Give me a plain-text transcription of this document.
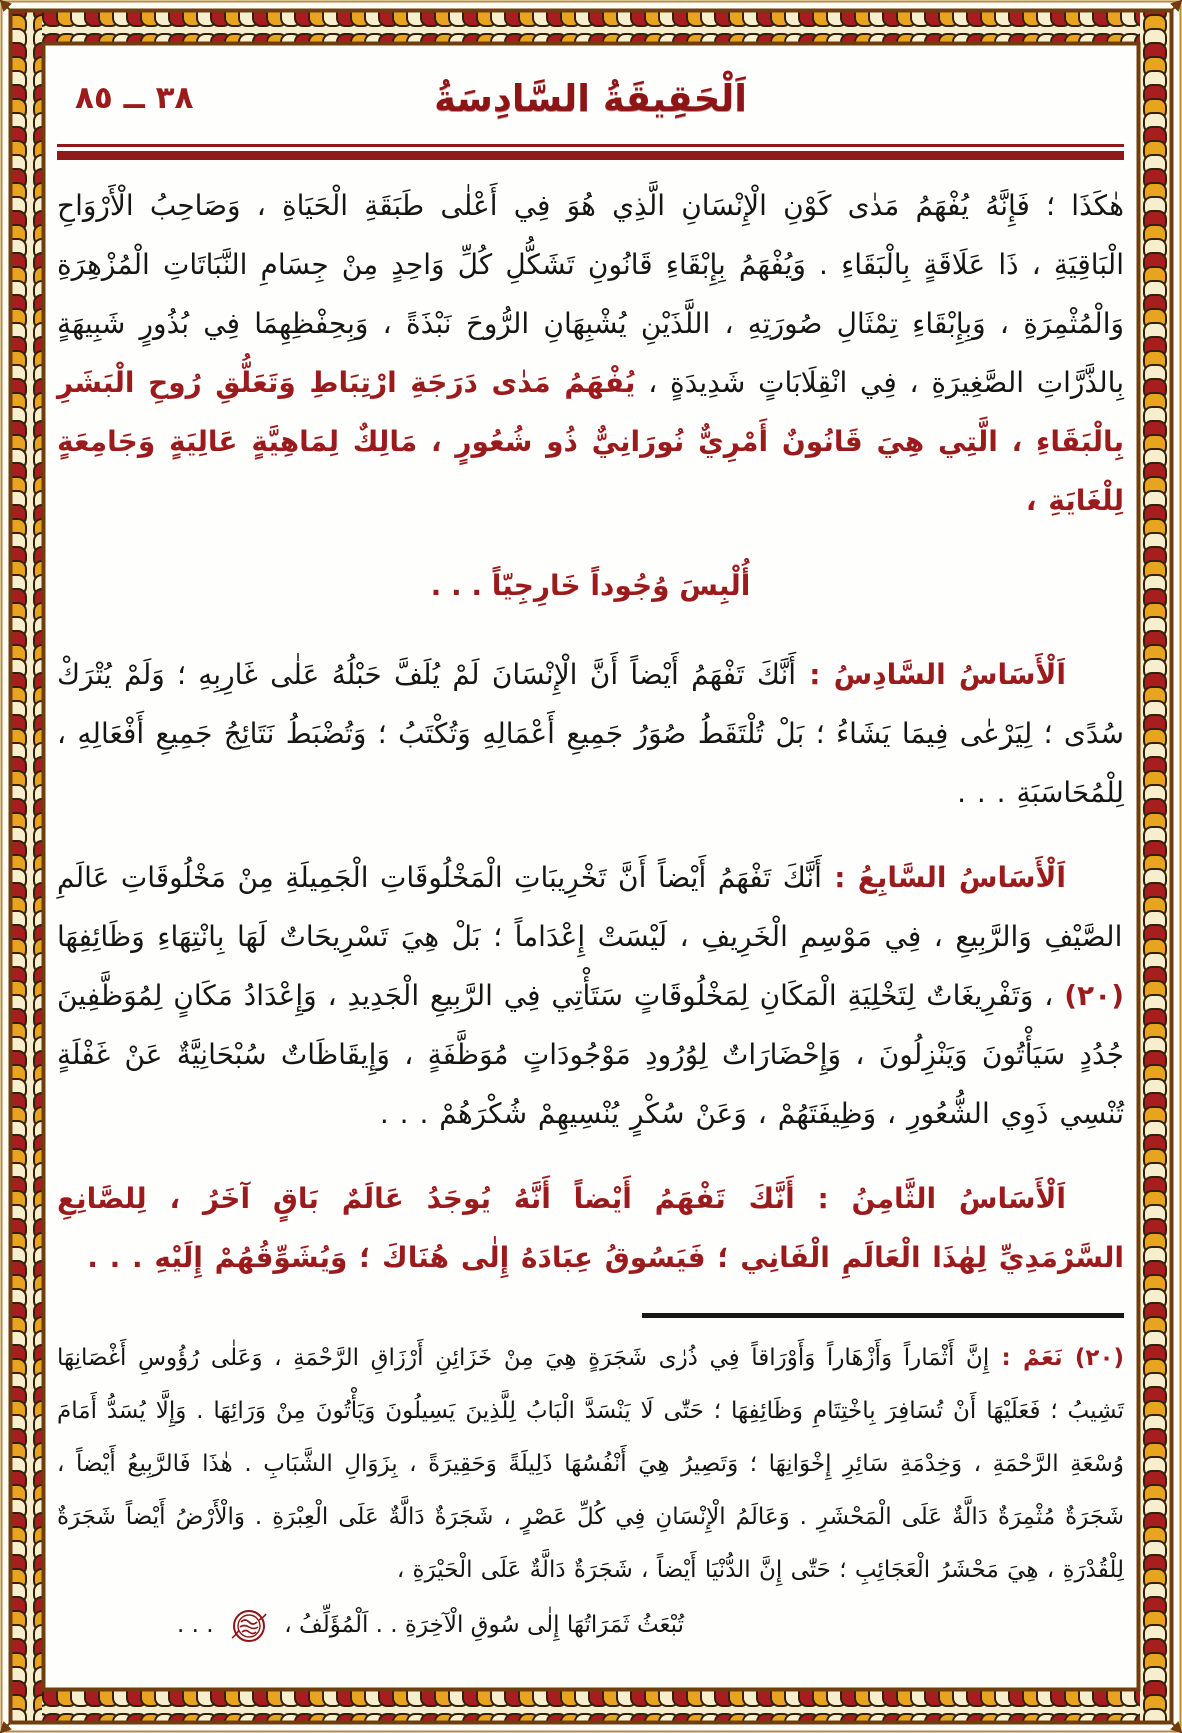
٣٨ ــ ٨٥	اَلْحَقِيقَةُ السَّادِسَةُ
هٰكَذَا ؛ فَإِنَّهُ يُفْهَمُ مَدٰى كَوْنِ الْإِنْسَانِ الَّذِي هُوَ فِي أَعْلٰى طَبَقَةِ الْحَيَاةِ ، وَصَاحِبُ الْأَرْوَاحِ الْبَاقِيَةِ ، ذَا عَلَاقَةٍ بِالْبَقَاءِ . وَيُفْهَمُ بِإِبْقَاءِ قَانُونِ تَشَكُّلِ كُلِّ وَاحِدٍ مِنْ جِسَامِ النَّبَاتَاتِ الْمُزْهِرَةِ وَالْمُثْمِرَةِ ، وَبِإِبْقَاءِ تِمْثَالِ صُورَتِهِ ، اللَّذَيْنِ يُشْبِهَانِ الرُّوحَ نَبْذَةً ، وَبِحِفْظِهِمَا فِي بُذُورٍ شَبِيهَةٍ بِالذَّرَّاتِ الصَّغِيرَةِ ، فِي انْقِلَابَاتٍ شَدِيدَةٍ ، يُفْهَمُ مَدٰى دَرَجَةِ ارْتِبَاطِ وَتَعَلُّقِ رُوحِ الْبَشَرِ بِالْبَقَاءِ ، الَّتِي هِيَ قَانُونٌ أَمْرِيٌّ نُورَانِيٌّ ذُو شُعُورٍ ، مَالِكٌ لِمَاهِيَّةٍ عَالِيَةٍ وَجَامِعَةٍ لِلْغَايَةِ ،
أُلْبِسَ وُجُوداً خَارِجِيّاً . . .
اَلْأَسَاسُ السَّادِسُ : أَنَّكَ تَفْهَمُ أَيْضاً أَنَّ الْإِنْسَانَ لَمْ يُلَفَّ حَبْلُهُ عَلٰى غَارِبِهِ ؛ وَلَمْ يُتْرَكْ سُدًى ؛ لِيَرْعٰى فِيمَا يَشَاءُ ؛ بَلْ تُلْتَقَطُ صُوَرُ جَمِيعِ أَعْمَالِهِ وَتُكْتَبُ ؛ وَتُضْبَطُ نَتَائِجُ جَمِيعِ أَفْعَالِهِ ، لِلْمُحَاسَبَةِ . . .
اَلْأَسَاسُ السَّابِعُ : أَنَّكَ تَفْهَمُ أَيْضاً أَنَّ تَخْرِيبَاتِ الْمَخْلُوقَاتِ الْجَمِيلَةِ مِنْ مَخْلُوقَاتِ عَالَمِ الصَّيْفِ وَالرَّبِيعِ ، فِي مَوْسِمِ الْخَرِيفِ ، لَيْسَتْ إِعْدَاماً ؛ بَلْ هِيَ تَسْرِيحَاتٌ لَهَا بِانْتِهَاءِ وَظَائِفِهَا (٢٠) ، وَتَفْرِيغَاتٌ لِتَخْلِيَةِ الْمَكَانِ لِمَخْلُوقَاتٍ سَتَأْتِي فِي الرَّبِيعِ الْجَدِيدِ ، وَإِعْدَادُ مَكَانٍ لِمُوَظَّفِينَ جُدُدٍ سَيَأْتُونَ وَيَنْزِلُونَ ، وَإِحْضَارَاتٌ لِوُرُودِ مَوْجُودَاتٍ مُوَظَّفَةٍ ، وَإِيقَاظَاتٌ سُبْحَانِيَّةٌ عَنْ غَفْلَةٍ تُنْسِي ذَوِي الشُّعُورِ ، وَظِيفَتَهُمْ ، وَعَنْ سُكْرٍ يُنْسِيهِمْ شُكْرَهُمْ . . .
اَلْأَسَاسُ الثَّامِنُ : أَنَّكَ تَفْهَمُ أَيْضاً أَنَّهُ يُوجَدُ عَالَمٌ بَاقٍ آخَرُ ، لِلصَّانِعِ السَّرْمَدِيِّ لِهٰذَا الْعَالَمِ الْفَانِي ؛ فَيَسُوقُ عِبَادَهُ إِلٰى هُنَاكَ ؛ وَيُشَوِّقُهُمْ إِلَيْهِ . . .
(٢٠) نَعَمْ : إِنَّ أَثْمَاراً وَأَزْهَاراً وَأَوْرَاقاً فِي ذُرٰى شَجَرَةٍ هِيَ مِنْ خَزَائِنِ أَرْزَاقِ الرَّحْمَةِ ، وَعَلٰى رُؤُوسِ أَغْصَانِهَا تَشِيبُ ؛ فَعَلَيْهَا أَنْ تُسَافِرَ بِاخْتِتَامِ وَظَائِفِهَا ؛ حَتّٰى لَا يَنْسَدَّ الْبَابُ لِلَّذِينَ يَسِيلُونَ وَيَأْتُونَ مِنْ وَرَائِهَا . وَإِلَّا يُسَدُّ أَمَامَ وُسْعَةِ الرَّحْمَةِ ، وَخِدْمَةِ سَائِرِ إِخْوَانِهَا ؛ وَتَصِيرُ هِيَ أَنْفُسُهَا ذَلِيلَةً وَحَقِيرَةً ، بِزَوَالِ الشَّبَابِ . هٰذَا فَالرَّبِيعُ أَيْضاً ، شَجَرَةٌ مُثْمِرَةٌ دَالَّةٌ عَلَى الْمَحْشَرِ . وَعَالَمُ الْإِنْسَانِ فِي كُلِّ عَصْرٍ ، شَجَرَةٌ دَالَّةٌ عَلَى الْعِبْرَةِ . وَالْأَرْضُ أَيْضاً شَجَرَةٌ لِلْقُدْرَةِ ، هِيَ مَحْشَرُ الْعَجَائِبِ ؛ حَتّٰى إِنَّ الدُّنْيَا أَيْضاً ، شَجَرَةٌ دَالَّةٌ عَلَى الْحَيْرَةِ ،
تُبْعَثُ ثَمَرَاتُهَا إِلٰى سُوقِ الْآخِرَةِ . . اَلْمُؤَلِّفُ ،  . . .
